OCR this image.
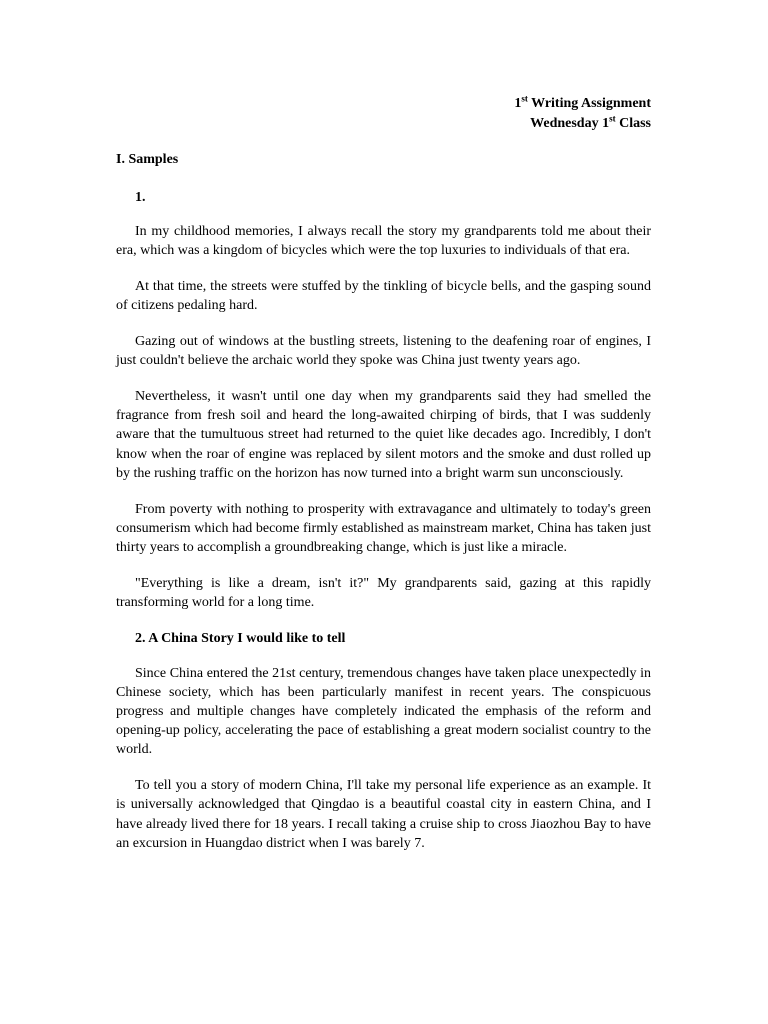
1st Writing Assignment
Wednesday 1st Class
I. Samples
1.

In my childhood memories, I always recall the story my grandparents told me about their era, which was a kingdom of bicycles which were the top luxuries to individuals of that era.

At that time, the streets were stuffed by the tinkling of bicycle bells, and the gasping sound of citizens pedaling hard.

Gazing out of windows at the bustling streets, listening to the deafening roar of engines, I just couldn't believe the archaic world they spoke was China just twenty years ago.

Nevertheless, it wasn't until one day when my grandparents said they had smelled the fragrance from fresh soil and heard the long-awaited chirping of birds, that I was suddenly aware that the tumultuous street had returned to the quiet like decades ago. Incredibly, I don't know when the roar of engine was replaced by silent motors and the smoke and dust rolled up by the rushing traffic on the horizon has now turned into a bright warm sun unconsciously.

From poverty with nothing to prosperity with extravagance and ultimately to today's green consumerism which had become firmly established as mainstream market, China has taken just thirty years to accomplish a groundbreaking change, which is just like a miracle.

"Everything is like a dream, isn't it?" My grandparents said, gazing at this rapidly transforming world for a long time.

2. A China Story I would like to tell

Since China entered the 21st century, tremendous changes have taken place unexpectedly in Chinese society, which has been particularly manifest in recent years. The conspicuous progress and multiple changes have completely indicated the emphasis of the reform and opening-up policy, accelerating the pace of establishing a great modern socialist country to the world.

To tell you a story of modern China, I'll take my personal life experience as an example. It is universally acknowledged that Qingdao is a beautiful coastal city in eastern China, and I have already lived there for 18 years. I recall taking a cruise ship to cross Jiaozhou Bay to have an excursion in Huangdao district when I was barely 7.
